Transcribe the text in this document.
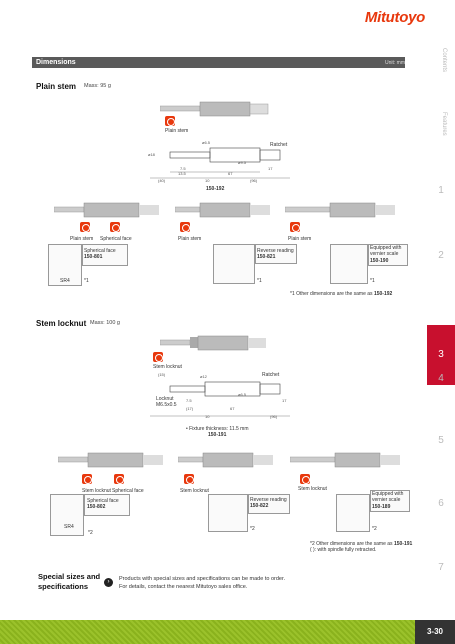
Mitutoyo
Dimensions	Unit: mm	Contents
Features
1
2
3
4
5
6
7
Plain stem Mass: 95 g
Plain stem
ø18
ø6.5
7.5
13.5	67
17
(40)	10	(96)
ø9.5
Ratchet
150-192
Plain stem Spherical face	Plain stem	Plain stem
Spherical face
150-801
SR4	*1
Reverse reading
150-821
*1
Equipped with vernier scale
150-190
*1
*1 Other dimensions are the same as 150-192
Stem locknut Mass: 100 g
Stem locknut
Ratchet
Locknut M6.5x0.5
(15)	ø12
7.5
(17)	67
17
(96)
10
ø6.5
• Fixture thickness: 11.5 mm
150-191
Stem locknut Spherical face	Stem locknut	Stem locknut
Spherical face
150-802
SR4
*2
Reverse reading
150-822
*2
Equipped with vernier scale
150-189
*2
*2 Other dimensions are the same as 150-191
( ): with spindle fully retracted.
Special sizes and
specifications	›	Products with special sizes and specifications can be made to order.
For details, contact the nearest Mitutoyo sales office.
3-30
